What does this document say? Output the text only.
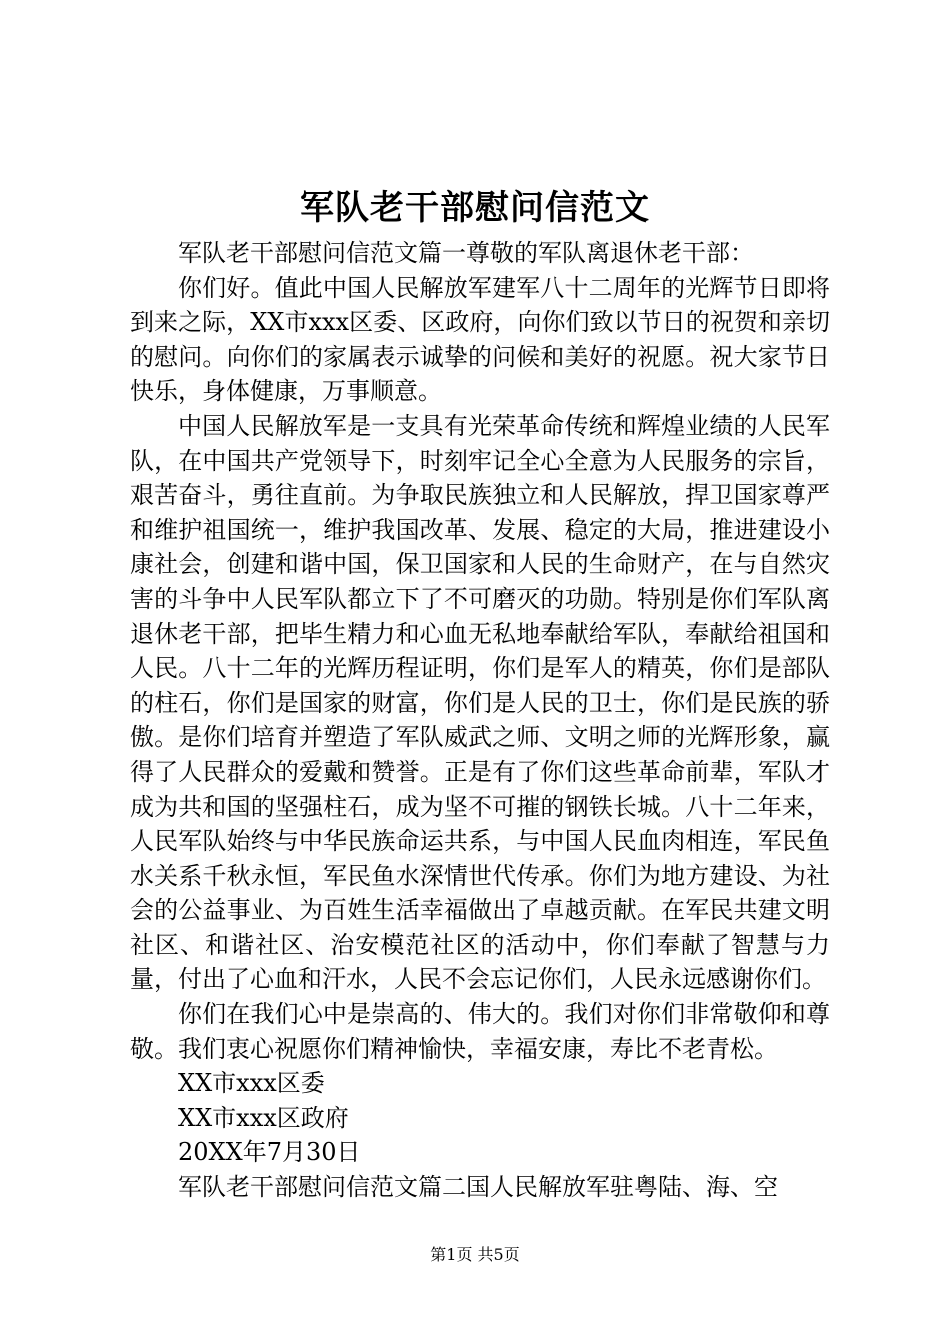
军队老干部慰问信范文

军队老干部慰问信范文篇一尊敬的军队离退休老干部：

你们好。值此中国人民解放军建军八十二周年的光辉节日即将到来之际，XX市xxx区委、区政府，向你们致以节日的祝贺和亲切的慰问。向你们的家属表示诚挚的问候和美好的祝愿。祝大家节日快乐，身体健康，万事顺意。

中国人民解放军是一支具有光荣革命传统和辉煌业绩的人民军队，在中国共产党领导下，时刻牢记全心全意为人民服务的宗旨，艰苦奋斗，勇往直前。为争取民族独立和人民解放，捍卫国家尊严和维护祖国统一，维护我国改革、发展、稳定的大局，推进建设小康社会，创建和谐中国，保卫国家和人民的生命财产，在与自然灾害的斗争中人民军队都立下了不可磨灭的功勋。特别是你们军队离退休老干部，把毕生精力和心血无私地奉献给军队，奉献给祖国和人民。八十二年的光辉历程证明，你们是军人的精英，你们是部队的柱石，你们是国家的财富，你们是人民的卫士，你们是民族的骄傲。是你们培育并塑造了军队威武之师、文明之师的光辉形象，赢得了人民群众的爱戴和赞誉。正是有了你们这些革命前辈，军队才成为共和国的坚强柱石，成为坚不可摧的钢铁长城。八十二年来，人民军队始终与中华民族命运共系，与中国人民血肉相连，军民鱼水关系千秋永恒，军民鱼水深情世代传承。你们为地方建设、为社会的公益事业、为百姓生活幸福做出了卓越贡献。在军民共建文明社区、和谐社区、治安模范社区的活动中，你们奉献了智慧与力量，付出了心血和汗水，人民不会忘记你们，人民永远感谢你们。

你们在我们心中是崇高的、伟大的。我们对你们非常敬仰和尊敬。我们衷心祝愿你们精神愉快，幸福安康，寿比不老青松。

XX市xxx区委

XX市xxx区政府

20XX年7月30日

军队老干部慰问信范文篇二国人民解放军驻粤陆、海、空

第1页 共5页
